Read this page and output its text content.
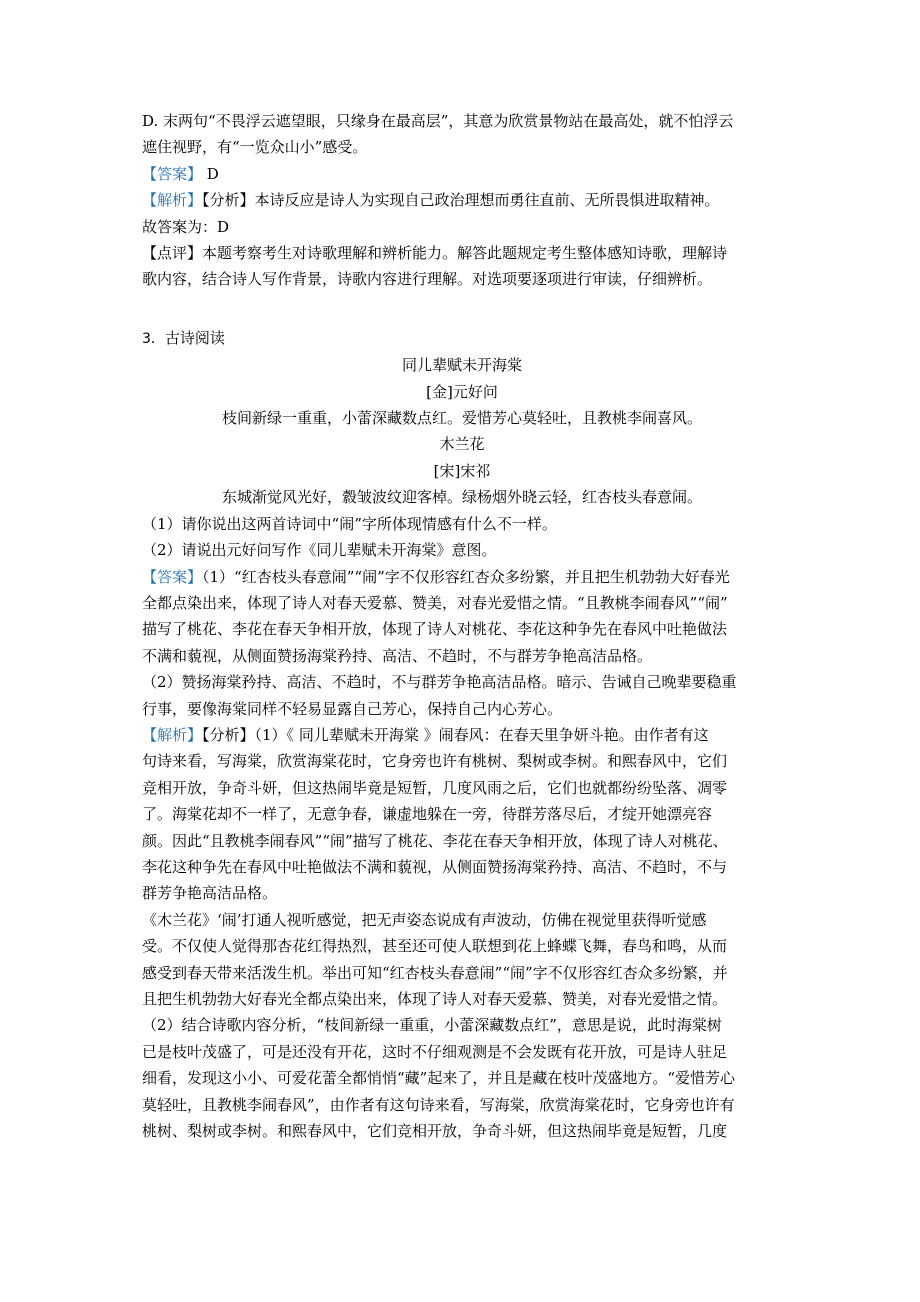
D. 末两句“不畏浮云遮望眼，只缘身在最高层”，其意为欣赏景物站在最高处，就不怕浮云

遮住视野，有“一览众山小”感受。

【答案】 D

【解析】【分析】本诗反应是诗人为实现自己政治理想而勇往直前、无所畏惧进取精神。

故答案为：D

【点评】本题考察考生对诗歌理解和辨析能力。解答此题规定考生整体感知诗歌，理解诗

歌内容，结合诗人写作背景，诗歌内容进行理解。对选项要逐项进行审读，仔细辨析。

3．古诗阅读

同儿辈赋未开海棠

[金]元好问

枝间新绿一重重，小蕾深藏数点红。爱惜芳心莫轻吐，且教桃李闹喜风。

木兰花

[宋]宋祁

东城渐觉风光好，縠皱波纹迎客棹。绿杨烟外晓云轻，红杏枝头春意闹。

（1）请你说出这两首诗词中“闹”字所体现情感有什么不一样。

（2）请说出元好问写作《同儿辈赋未开海棠》意图。

【答案】（1）“红杏枝头春意闹”“闹”字不仅形容红杏众多纷繁，并且把生机勃勃大好春光

全都点染出来，体现了诗人对春天爱慕、赞美，对春光爱惜之情。“且教桃李闹春风”“闹”

描写了桃花、李花在春天争相开放，体现了诗人对桃花、李花这种争先在春风中吐艳做法

不满和藐视，从侧面赞扬海棠矜持、高洁、不趋时，不与群芳争艳高洁品格。

（2）赞扬海棠矜持、高洁、不趋时，不与群芳争艳高洁品格。暗示、告诫自己晚辈要稳重

行事，要像海棠同样不轻易显露自己芳心，保持自己内心芳心。

【解析】【分析】（1）《 同儿辈赋未开海棠 》闹春风：在春天里争妍斗艳。由作者有这

句诗来看，写海棠，欣赏海棠花时，它身旁也许有桃树、梨树或李树。和熙春风中，它们

竞相开放，争奇斗妍，但这热闹毕竟是短暂，几度风雨之后，它们也就都纷纷坠落、凋零

了。海棠花却不一样了，无意争春，谦虚地躲在一旁，待群芳落尽后，才绽开她漂亮容

颜。因此“且教桃李闹春风”“闹”描写了桃花、李花在春天争相开放，体现了诗人对桃花、

李花这种争先在春风中吐艳做法不满和藐视，从侧面赞扬海棠矜持、高洁、不趋时，不与

群芳争艳高洁品格。

《木兰花》‘闹’打通人视听感觉，把无声姿态说成有声波动，仿佛在视觉里获得听觉感

受。不仅使人觉得那杏花红得热烈，甚至还可使人联想到花上蜂蝶飞舞，春鸟和鸣，从而

感受到春天带来活泼生机。举出可知“红杏枝头春意闹”“闹”字不仅形容红杏众多纷繁，并

且把生机勃勃大好春光全都点染出来，体现了诗人对春天爱慕、赞美，对春光爱惜之情。

（2）结合诗歌内容分析，“枝间新绿一重重，小蕾深藏数点红”，意思是说，此时海棠树

已是枝叶茂盛了，可是还没有开花，这时不仔细观测是不会发既有花开放，可是诗人驻足

细看，发现这小小、可爱花蕾全都悄悄“藏”起来了，并且是藏在枝叶茂盛地方。“爱惜芳心

莫轻吐，且教桃李闹春风”，由作者有这句诗来看，写海棠，欣赏海棠花时，它身旁也许有

桃树、梨树或李树。和熙春风中，它们竞相开放，争奇斗妍，但这热闹毕竟是短暂，几度
